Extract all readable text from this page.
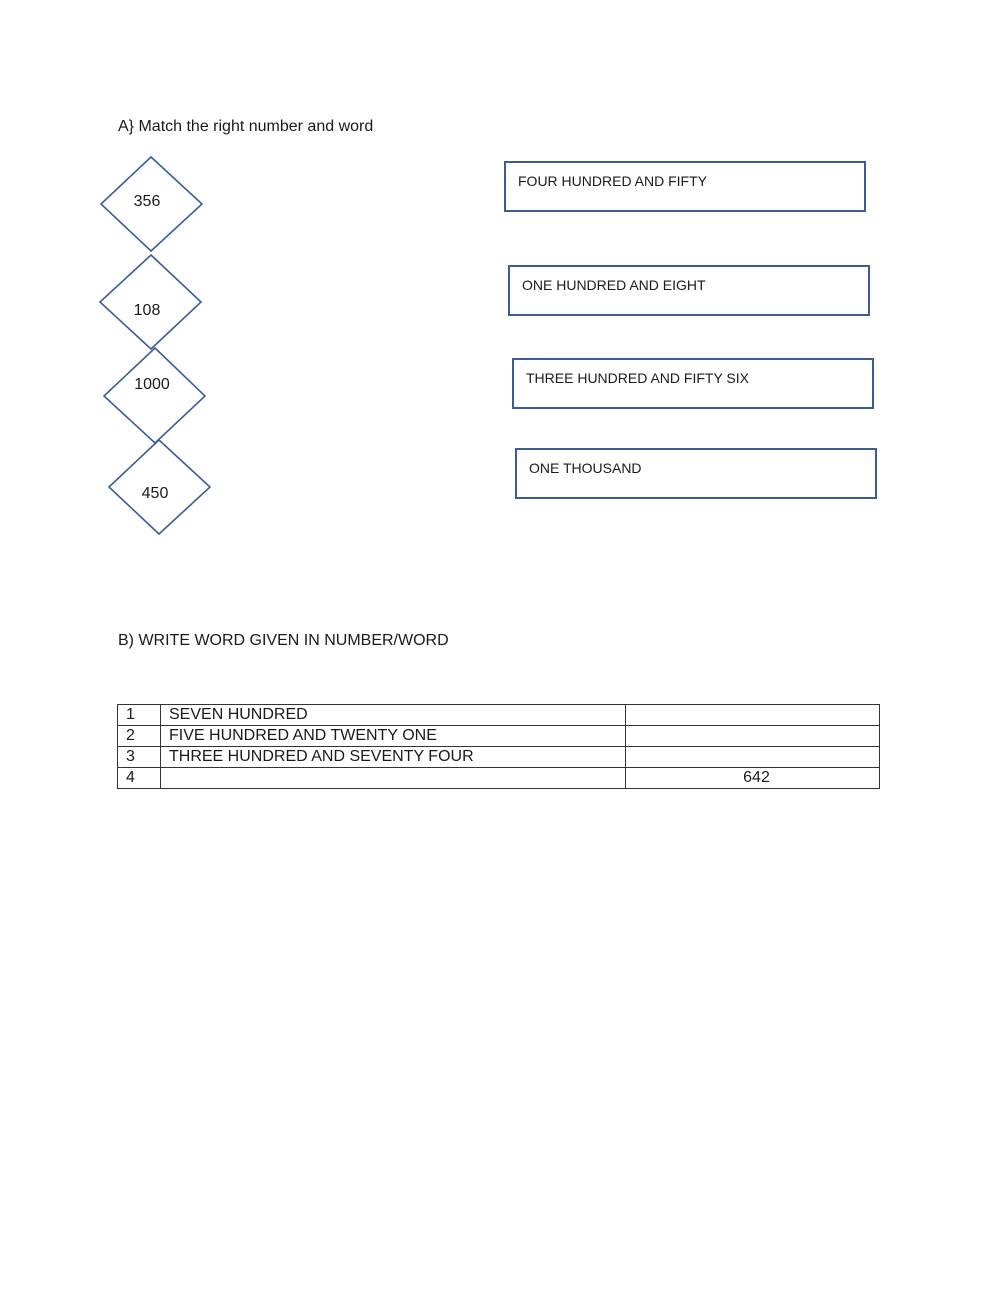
A} Match the right number and word
356
108
1000
450
FOUR HUNDRED AND FIFTY
ONE HUNDRED AND EIGHT
THREE HUNDRED AND FIFTY SIX
ONE THOUSAND
B) WRITE WORD GIVEN IN NUMBER/WORD
1	SEVEN HUNDRED	
2	FIVE HUNDRED AND TWENTY ONE	
3	THREE HUNDRED AND SEVENTY FOUR	
4		642
